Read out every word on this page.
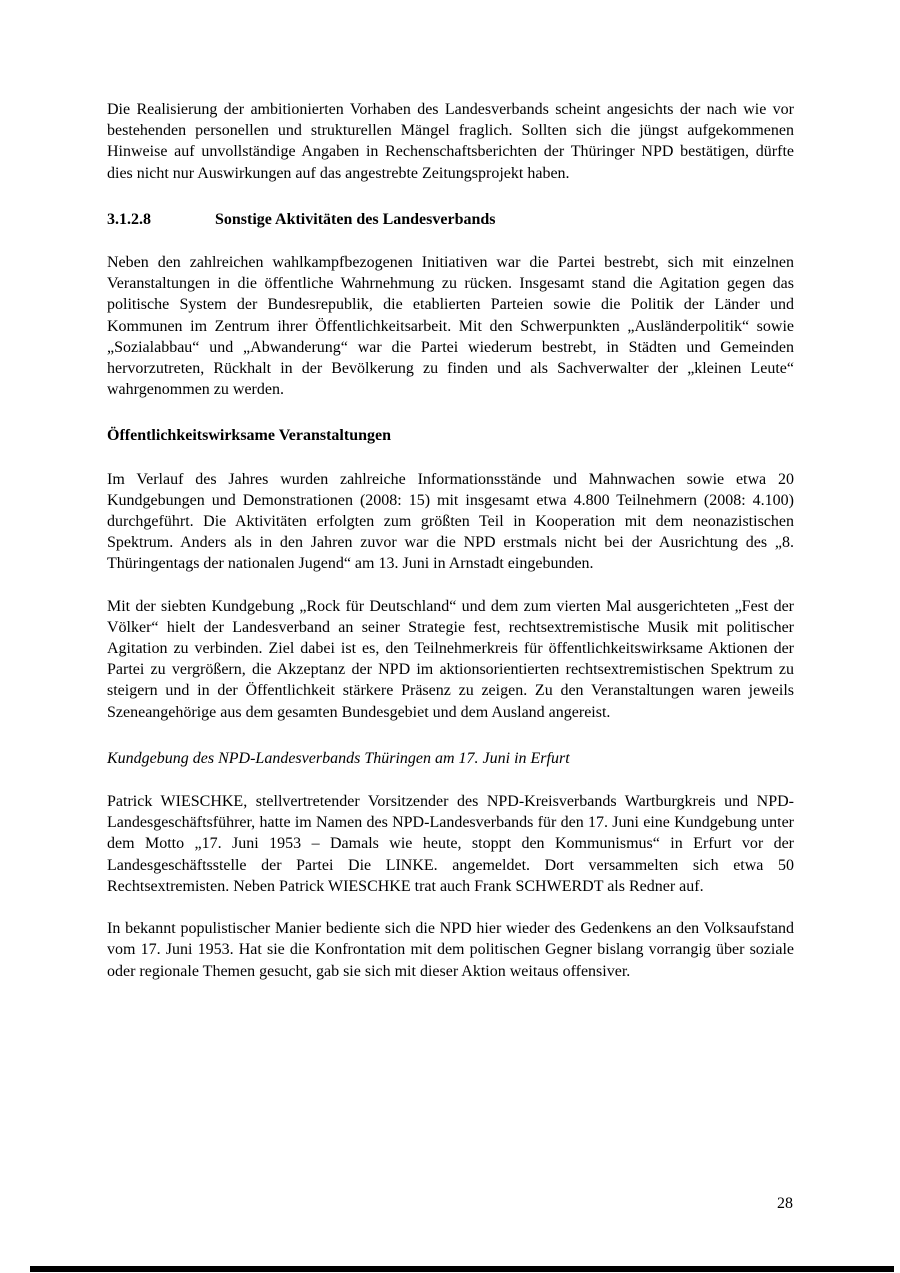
Die Realisierung der ambitionierten Vorhaben des Landesverbands scheint angesichts der nach wie vor bestehenden personellen und strukturellen Mängel fraglich. Sollten sich die jüngst aufgekommenen Hinweise auf unvollständige Angaben in Rechenschaftsberichten der Thüringer NPD bestätigen, dürfte dies nicht nur Auswirkungen auf das angestrebte Zeitungsprojekt haben.

3.1.2.8	Sonstige Aktivitäten des Landesverbands

Neben den zahlreichen wahlkampfbezogenen Initiativen war die Partei bestrebt, sich mit einzelnen Veranstaltungen in die öffentliche Wahrnehmung zu rücken. Insgesamt stand die Agitation gegen das politische System der Bundesrepublik, die etablierten Parteien sowie die Politik der Länder und Kommunen im Zentrum ihrer Öffentlichkeitsarbeit. Mit den Schwerpunkten „Ausländerpolitik“ sowie „Sozialabbau“ und „Abwanderung“ war die Partei wiederum bestrebt, in Städten und Gemeinden hervorzutreten, Rückhalt in der Bevölkerung zu finden und als Sachverwalter der „kleinen Leute“ wahrgenommen zu werden.

Öffentlichkeitswirksame Veranstaltungen

Im Verlauf des Jahres wurden zahlreiche Informationsstände und Mahnwachen sowie etwa 20 Kundgebungen und Demonstrationen (2008: 15) mit insgesamt etwa 4.800 Teilnehmern (2008: 4.100) durchgeführt. Die Aktivitäten erfolgten zum größten Teil in Kooperation mit dem neonazistischen Spektrum. Anders als in den Jahren zuvor war die NPD erstmals nicht bei der Ausrichtung des „8. Thüringentags der nationalen Jugend“ am 13. Juni in Arnstadt eingebunden.

Mit der siebten Kundgebung „Rock für Deutschland“ und dem zum vierten Mal ausgerichteten „Fest der Völker“ hielt der Landesverband an seiner Strategie fest, rechtsextremistische Musik mit politischer Agitation zu verbinden. Ziel dabei ist es, den Teilnehmerkreis für öffentlichkeitswirksame Aktionen der Partei zu vergrößern, die Akzeptanz der NPD im aktionsorientierten rechtsextremistischen Spektrum zu steigern und in der Öffentlichkeit stärkere Präsenz zu zeigen. Zu den Veranstaltungen waren jeweils Szeneangehörige aus dem gesamten Bundesgebiet und dem Ausland angereist.

Kundgebung des NPD-Landesverbands Thüringen am 17. Juni in Erfurt

Patrick WIESCHKE, stellvertretender Vorsitzender des NPD-Kreisverbands Wartburgkreis und NPD-Landesgeschäftsführer, hatte im Namen des NPD-Landesverbands für den 17. Juni eine Kundgebung unter dem Motto „17. Juni 1953 – Damals wie heute, stoppt den Kommunismus“ in Erfurt vor der Landesgeschäftsstelle der Partei Die LINKE. angemeldet. Dort versammelten sich etwa 50 Rechtsextremisten. Neben Patrick WIESCHKE trat auch Frank SCHWERDT als Redner auf.

In bekannt populistischer Manier bediente sich die NPD hier wieder des Gedenkens an den Volksaufstand vom 17. Juni 1953. Hat sie die Konfrontation mit dem politischen Gegner bislang vorrangig über soziale oder regionale Themen gesucht, gab sie sich mit dieser Aktion weitaus offensiver.

28
